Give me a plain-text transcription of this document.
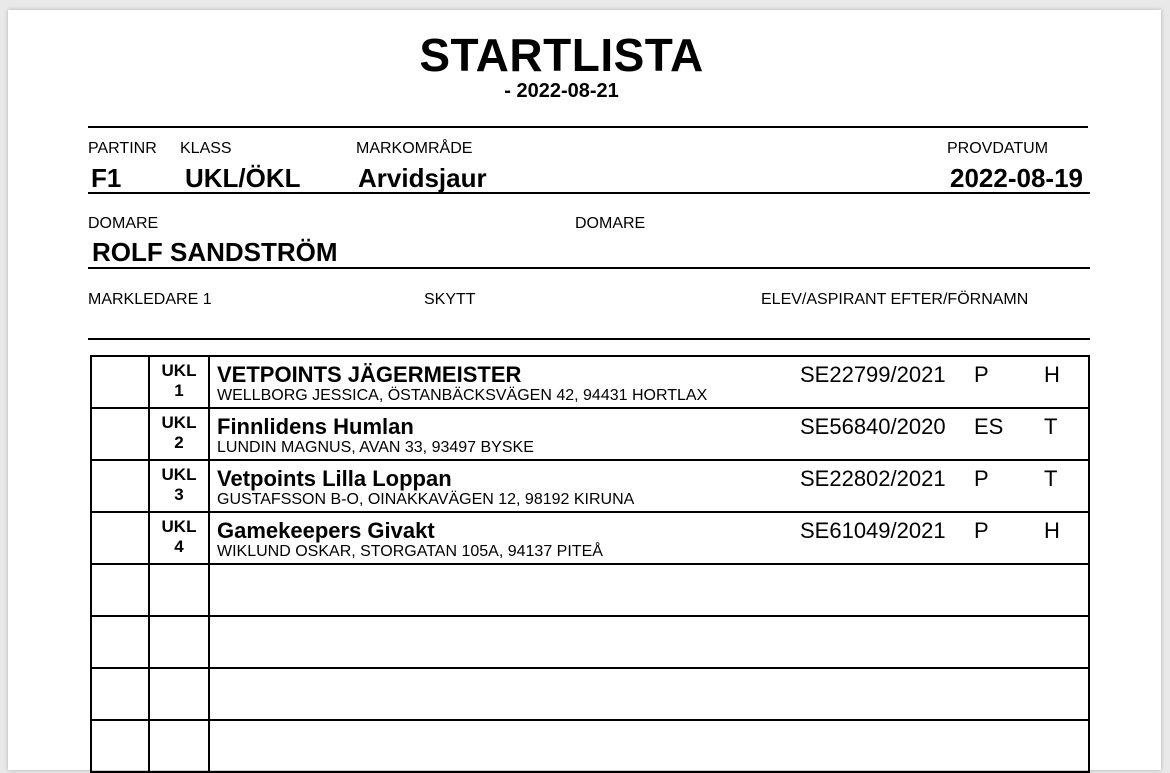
STARTLISTA
- 2022-08-21
PARTINR
F1
KLASS
UKL/ÖKL
MARKOMRÅDE
Arvidsjaur
PROVDATUM
2022-08-19
DOMARE
ROLF SANDSTRÖM
DOMARE
MARKLEDARE 1	SKYTT	ELEV/ASPIRANT EFTER/FÖRNAMN
UKL
1
VETPOINTS JÄGERMEISTER
WELLBORG JESSICA, ÖSTANBÄCKSVÄGEN 42, 94431 HORTLAX
SE22799/2021 P	H
UKL
2
Finnlidens Humlan
LUNDIN MAGNUS, AVAN 33, 93497 BYSKE
SE56840/2020 ES T
UKL
3
Vetpoints Lilla Loppan
GUSTAFSSON B-O, OINAKKAVÄGEN 12, 98192 KIRUNA
SE22802/2021 P	T
UKL
4
Gamekeepers Givakt
WIKLUND OSKAR, STORGATAN 105A, 94137 PITEÅ
SE61049/2021 P	H
